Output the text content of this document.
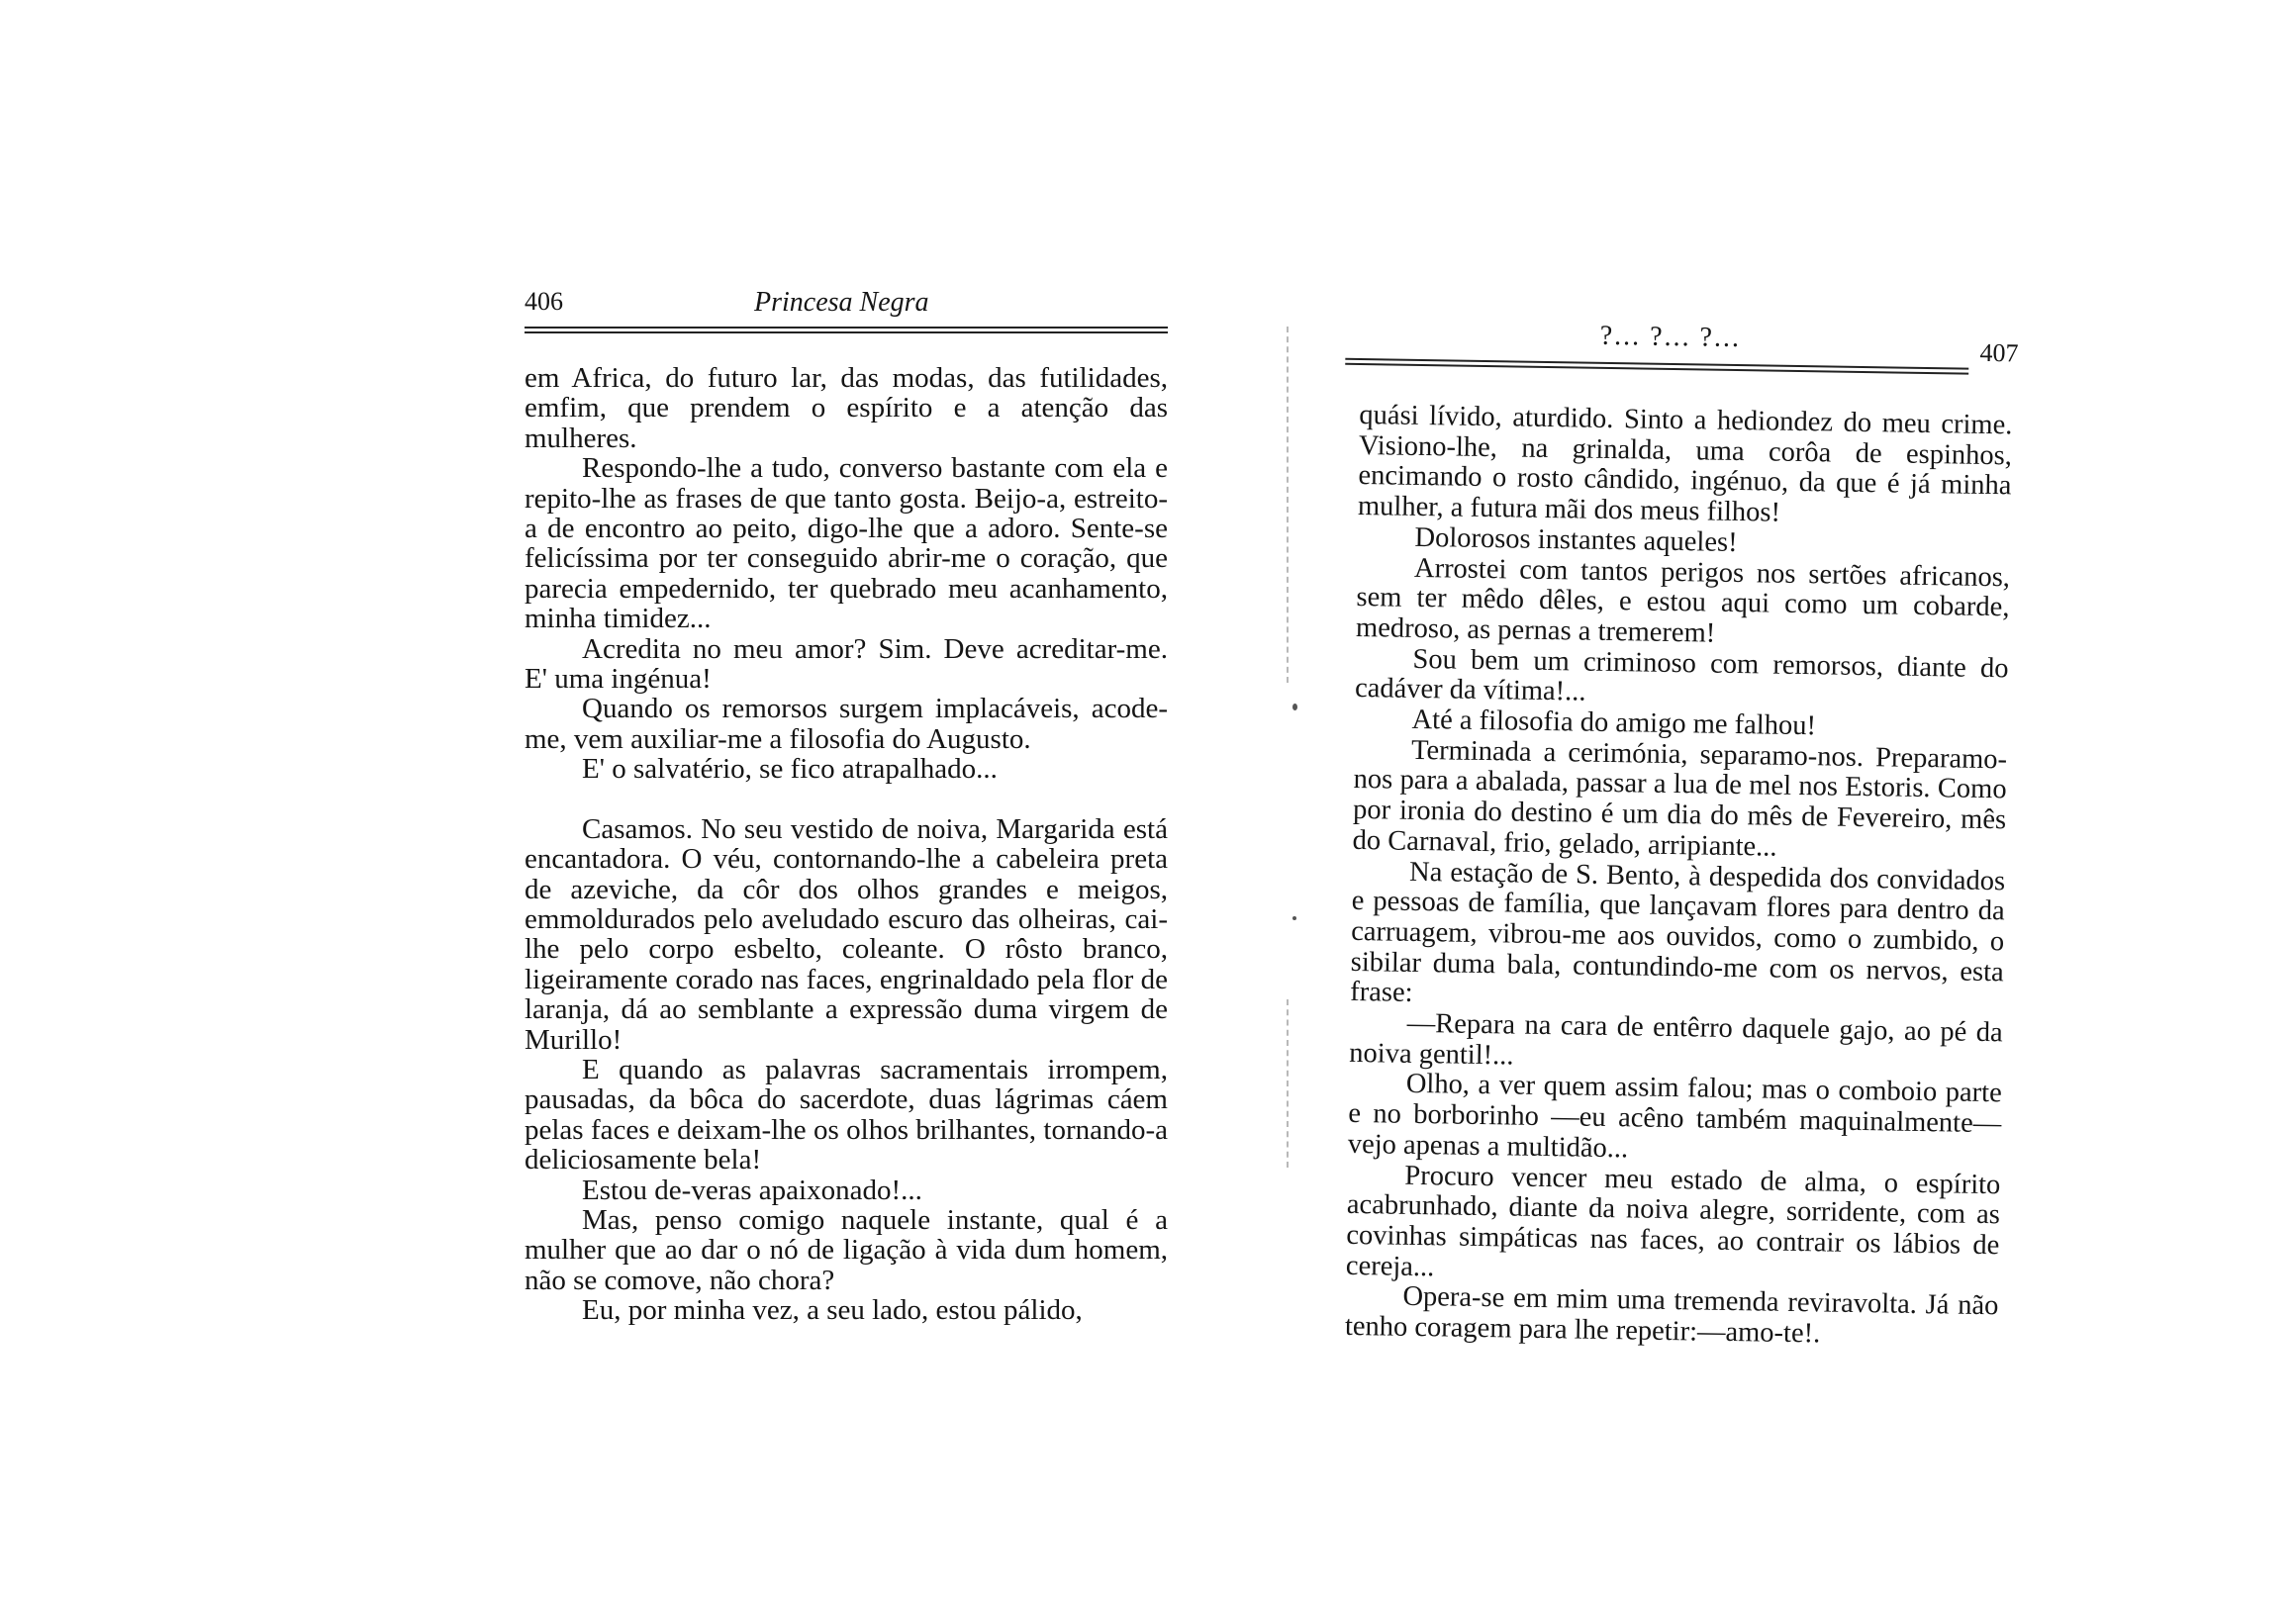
406	Princesa Negra

em Africa, do futuro lar, das modas, das futilidades, emfim, que prendem o espírito e a atenção das mulheres.

Respondo-lhe a tudo, converso bastante com ela e repito-lhe as frases de que tanto gosta. Beijo-a, estreito-a de encontro ao peito, digo-lhe que a adoro. Sente-se felicíssima por ter conseguido abrir-me o coração, que parecia empedernido, ter quebrado meu acanhamento, minha timidez...

Acredita no meu amor? Sim. Deve acreditar-me. E' uma ingénua!

Quando os remorsos surgem implacáveis, acode-me, vem auxiliar-me a filosofia do Augusto.

E' o salvatério, se fico atrapalhado...

Casamos. No seu vestido de noiva, Margarida está encantadora. O véu, contornando-lhe a cabeleira preta de azeviche, da côr dos olhos grandes e meigos, emmoldurados pelo aveludado escuro das olheiras, cai-lhe pelo corpo esbelto, coleante. O rôsto branco, ligeiramente corado nas faces, engrinaldado pela flor de laranja, dá ao semblante a expressão duma virgem de Murillo!

E quando as palavras sacramentais irrompem, pausadas, da bôca do sacerdote, duas lágrimas cáem pelas faces e deixam-lhe os olhos brilhantes, tornando-a deliciosamente bela!

Estou de-veras apaixonado!...

Mas, penso comigo naquele instante, qual é a mulher que ao dar o nó de ligação à vida dum homem, não se comove, não chora?

Eu, por minha vez, a seu lado, estou pálido,

?... ?... ?...	407

quási lívido, aturdido. Sinto a hediondez do meu crime. Visiono-lhe, na grinalda, uma corôa de espinhos, encimando o rosto cândido, ingénuo, da que é já minha mulher, a futura mãi dos meus filhos!

Dolorosos instantes aqueles!

Arrostei com tantos perigos nos sertões africanos, sem ter mêdo dêles, e estou aqui como um cobarde, medroso, as pernas a tremerem!

Sou bem um criminoso com remorsos, diante do cadáver da vítima!...

Até a filosofia do amigo me falhou!

Terminada a cerimónia, separamo-nos. Preparamo-nos para a abalada, passar a lua de mel nos Estoris. Como por ironia do destino é um dia do mês de Fevereiro, mês do Carnaval, frio, gelado, arripiante...

Na estação de S. Bento, à despedida dos convidados e pessoas de família, que lançavam flores para dentro da carruagem, vibrou-me aos ouvidos, como o zumbido, o sibilar duma bala, contundindo-me com os nervos, esta frase:

—Repara na cara de entêrro daquele gajo, ao pé da noiva gentil!...

Olho, a ver quem assim falou; mas o comboio parte e no borborinho —eu acêno também maquinalmente—vejo apenas a multidão...

Procuro vencer meu estado de alma, o espírito acabrunhado, diante da noiva alegre, sorridente, com as covinhas simpáticas nas faces, ao contrair os lábios de cereja...

Opera-se em mim uma tremenda reviravolta. Já não tenho coragem para lhe repetir:—amo-te!.
